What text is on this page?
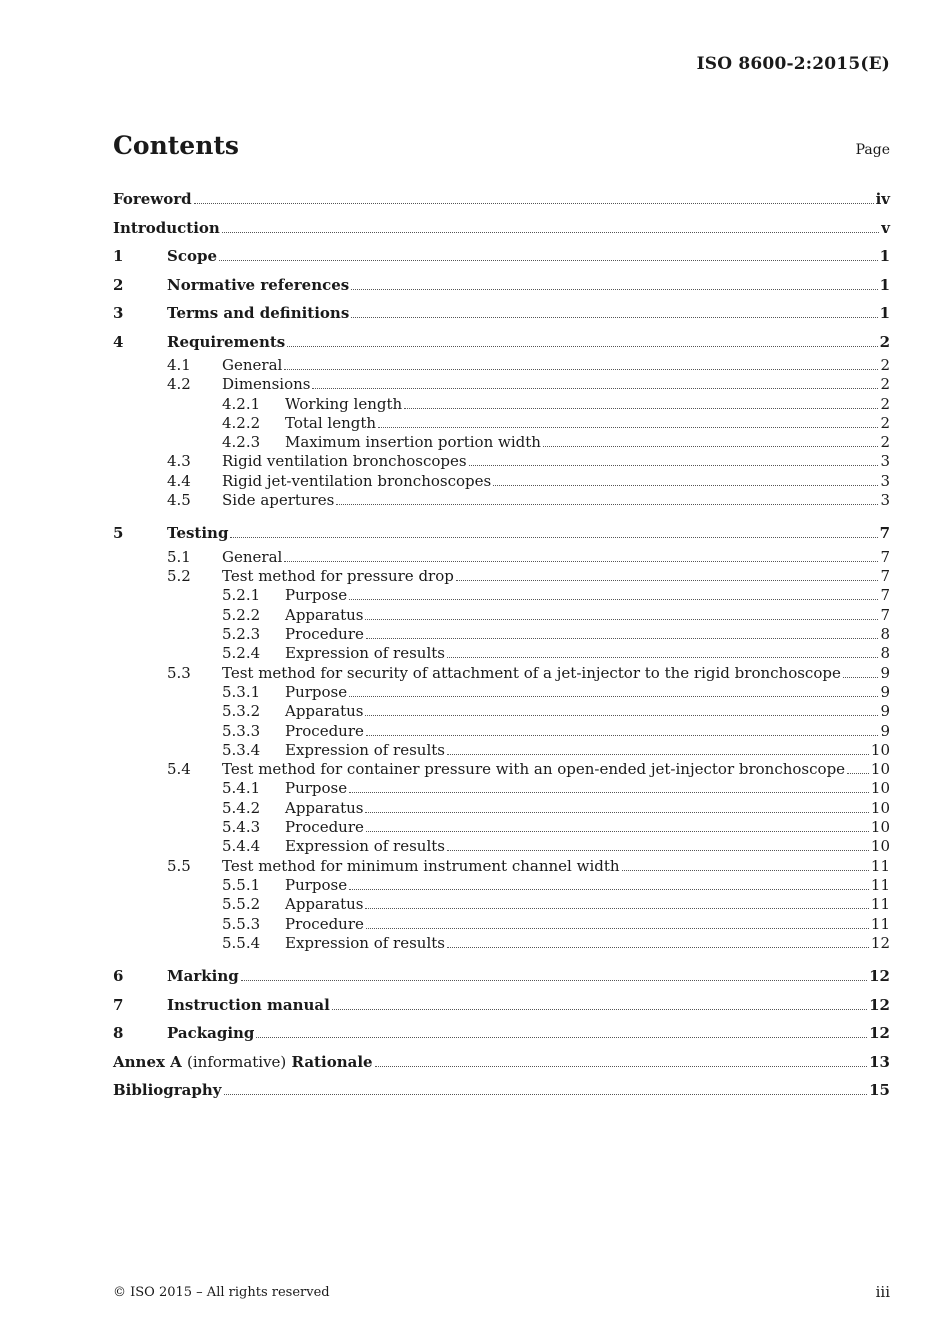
ISO 8600-2:2015(E)
Contents	Page
Foreword	iv
Introduction	v
1	Scope	1
2	Normative references	1
3	Terms and definitions	1
4	Requirements	2
4.1	General	2
4.2	Dimensions	2
4.2.1	Working length	2
4.2.2	Total length	2
4.2.3	Maximum insertion portion width	2
4.3	Rigid ventilation bronchoscopes	3
4.4	Rigid jet-ventilation bronchoscopes	3
4.5	Side apertures	3
5	Testing	7
5.1	General	7
5.2	Test method for pressure drop	7
5.2.1	Purpose	7
5.2.2	Apparatus	7
5.2.3	Procedure	8
5.2.4	Expression of results	8
5.3	Test method for security of attachment of a jet-injector to the rigid bronchoscope	9
5.3.1	Purpose	9
5.3.2	Apparatus	9
5.3.3	Procedure	9
5.3.4	Expression of results	10
5.4	Test method for container pressure with an open-ended jet-injector bronchoscope 10
5.4.1	Purpose	10
5.4.2	Apparatus	10
5.4.3	Procedure	10
5.4.4	Expression of results	10
5.5	Test method for minimum instrument channel width	11
5.5.1	Purpose	11
5.5.2	Apparatus	11
5.5.3	Procedure	11
5.5.4	Expression of results	12
6	Marking	12
7	Instruction manual	12
8	Packaging	12
Annex A (informative) Rationale	13
Bibliography	15
© ISO 2015 – All rights reserved	iii
